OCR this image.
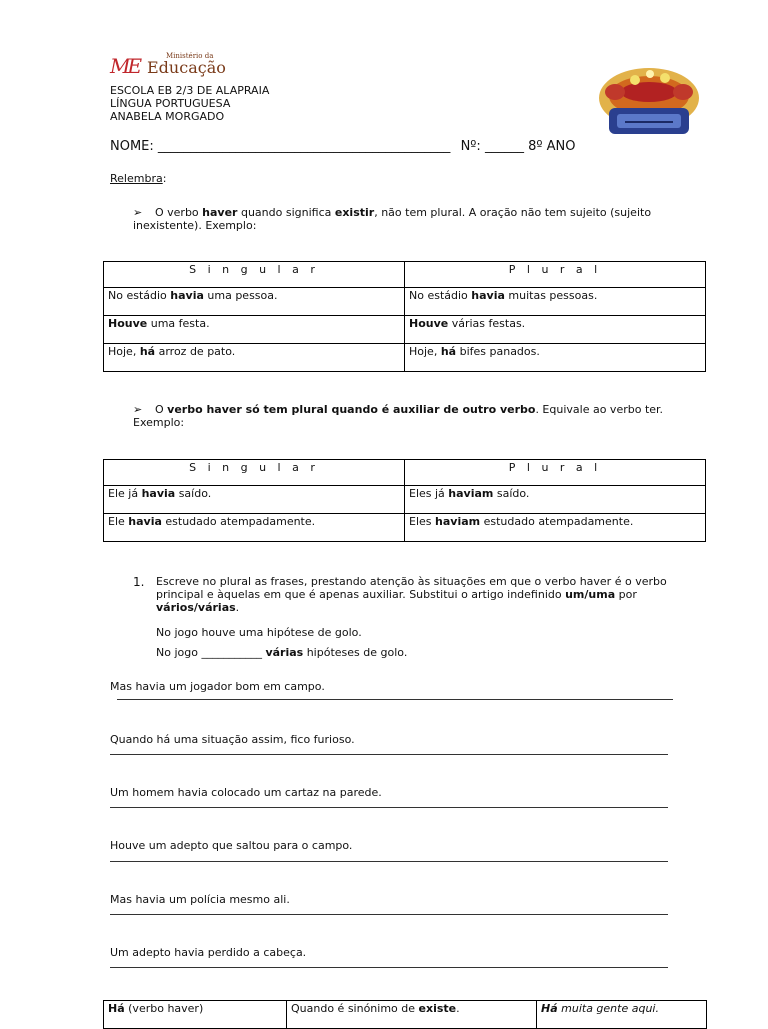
ME	Ministério da
Educação
ESCOLA EB 2/3 DE ALAPRAIA
LÍNGUA PORTUGUESA
ANABELA MORGADO
NOME: _____________________________________________ Nº: ______ 8º ANO
Relembra:
➢ O verbo haver quando significa existir, não tem plural. A oração não tem sujeito (sujeito
inexistente). Exemplo:
S i n g u l a r	P l u r a l
No estádio havia uma pessoa.	No estádio havia muitas pessoas.
Houve uma festa.	Houve várias festas.
Hoje, há arroz de pato.	Hoje, há bifes panados.
➢ O verbo haver só tem plural quando é auxiliar de outro verbo. Equivale ao verbo ter.
Exemplo:
S i n g u l a r	P l u r a l
Ele já havia saído.	Eles já haviam saído.
Ele havia estudado atempadamente.	Eles haviam estudado atempadamente.
1. Escreve no plural as frases, prestando atenção às situações em que o verbo haver é o verbo
principal e àquelas em que é apenas auxiliar. Substitui o artigo indefinido um/uma por
vários/várias.
No jogo houve uma hipótese de golo.
No jogo ___________ várias hipóteses de golo.
Mas havia um jogador bom em campo.
Quando há uma situação assim, fico furioso.
Um homem havia colocado um cartaz na parede.
Houve um adepto que saltou para o campo.
Mas havia um polícia mesmo ali.
Um adepto havia perdido a cabeça.
Há (verbo haver)	Quando é sinónimo de existe.	Há muita gente aqui.
